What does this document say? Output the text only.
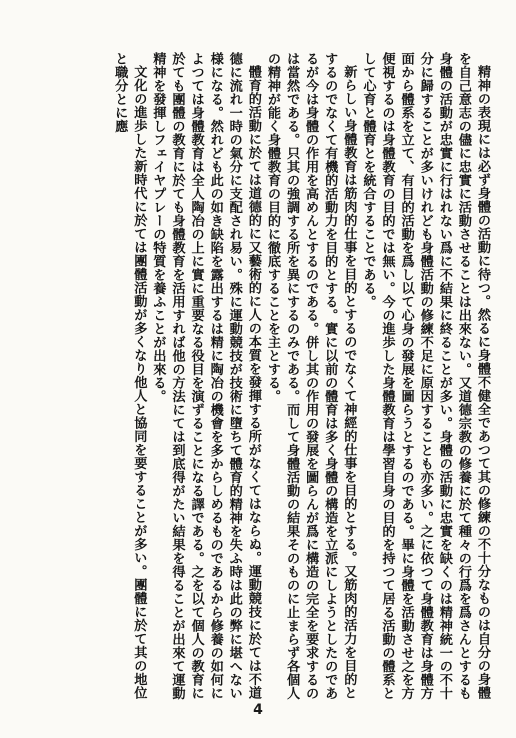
精神の表現には必ず身體の活動に待つ。然るに身體不健全であつて其の修練の不十分なものは自分の身體を自己意志の儘に忠實に活動させることは出來ない。又道德宗教の修養に於て種々の行爲を爲さんとするも身體の活動が忠實に行はれない爲に不結果に終ることが多い。身體の活動に忠實を缺くのは精神統一の不十分に歸することが多いけれども身體活動の修練不足に原因することも亦多い。之に依つて身體教育は身體方面から體系を立て、有目的活動を爲し以て心身の發展を圖らうとするのである。畢に身體を活動させ之を方便視するのは身體教育の目的では無い。今の進歩した身體教育は學習自身の目的を持つて居る活動の體系として心育と體育とを統合することである。

新らしい身體教育は筋肉的仕事を目的とするのでなくて神經的仕事を目的とする。又筋肉的活力を目的とするのでなくて有機的活動力を目的とする。實に以前の體育は多く身體の構造を立派にしようとしたのであるが今は身體の作用を高めんとするのである。併し其の作用の發展を圖らんが爲に構造の完全を要求するのは當然である。只其の強調する所を異にするのみである。而して身體活動の結果そのものに止まらず各個人の精神が能く身體教育の目的に徹底することを主とする。

體育的活動に於ては道德的に又藝術的に人の本質を發揮する所がなくてはならぬ。運動競技に於ては不道德に流れ一時の氣分に支配され易い。殊に運動競技が技術に墮ちて體育的精神を失ふ時は此の弊に堪へない様になる。然れども此の如き缺陷を露出するは精に陶冶の機會を多からしめるものであるから修養の如何によつては身體教育は全人陶冶の上に實に重要なる役目を演ずることになる譯である。之を以て個人の教育に於ても團體の教育に於ても身體教育を活用すれば他の方法にては到底得がたい結果を得ることが出來て運動精神を發揮しフェイヤプレーの特質を養ふことが出來る。

文化の進歩した新時代に於ては團體活動が多くなり他人と協同を要することが多い。團體に於て其の地位と職分とに應

4
